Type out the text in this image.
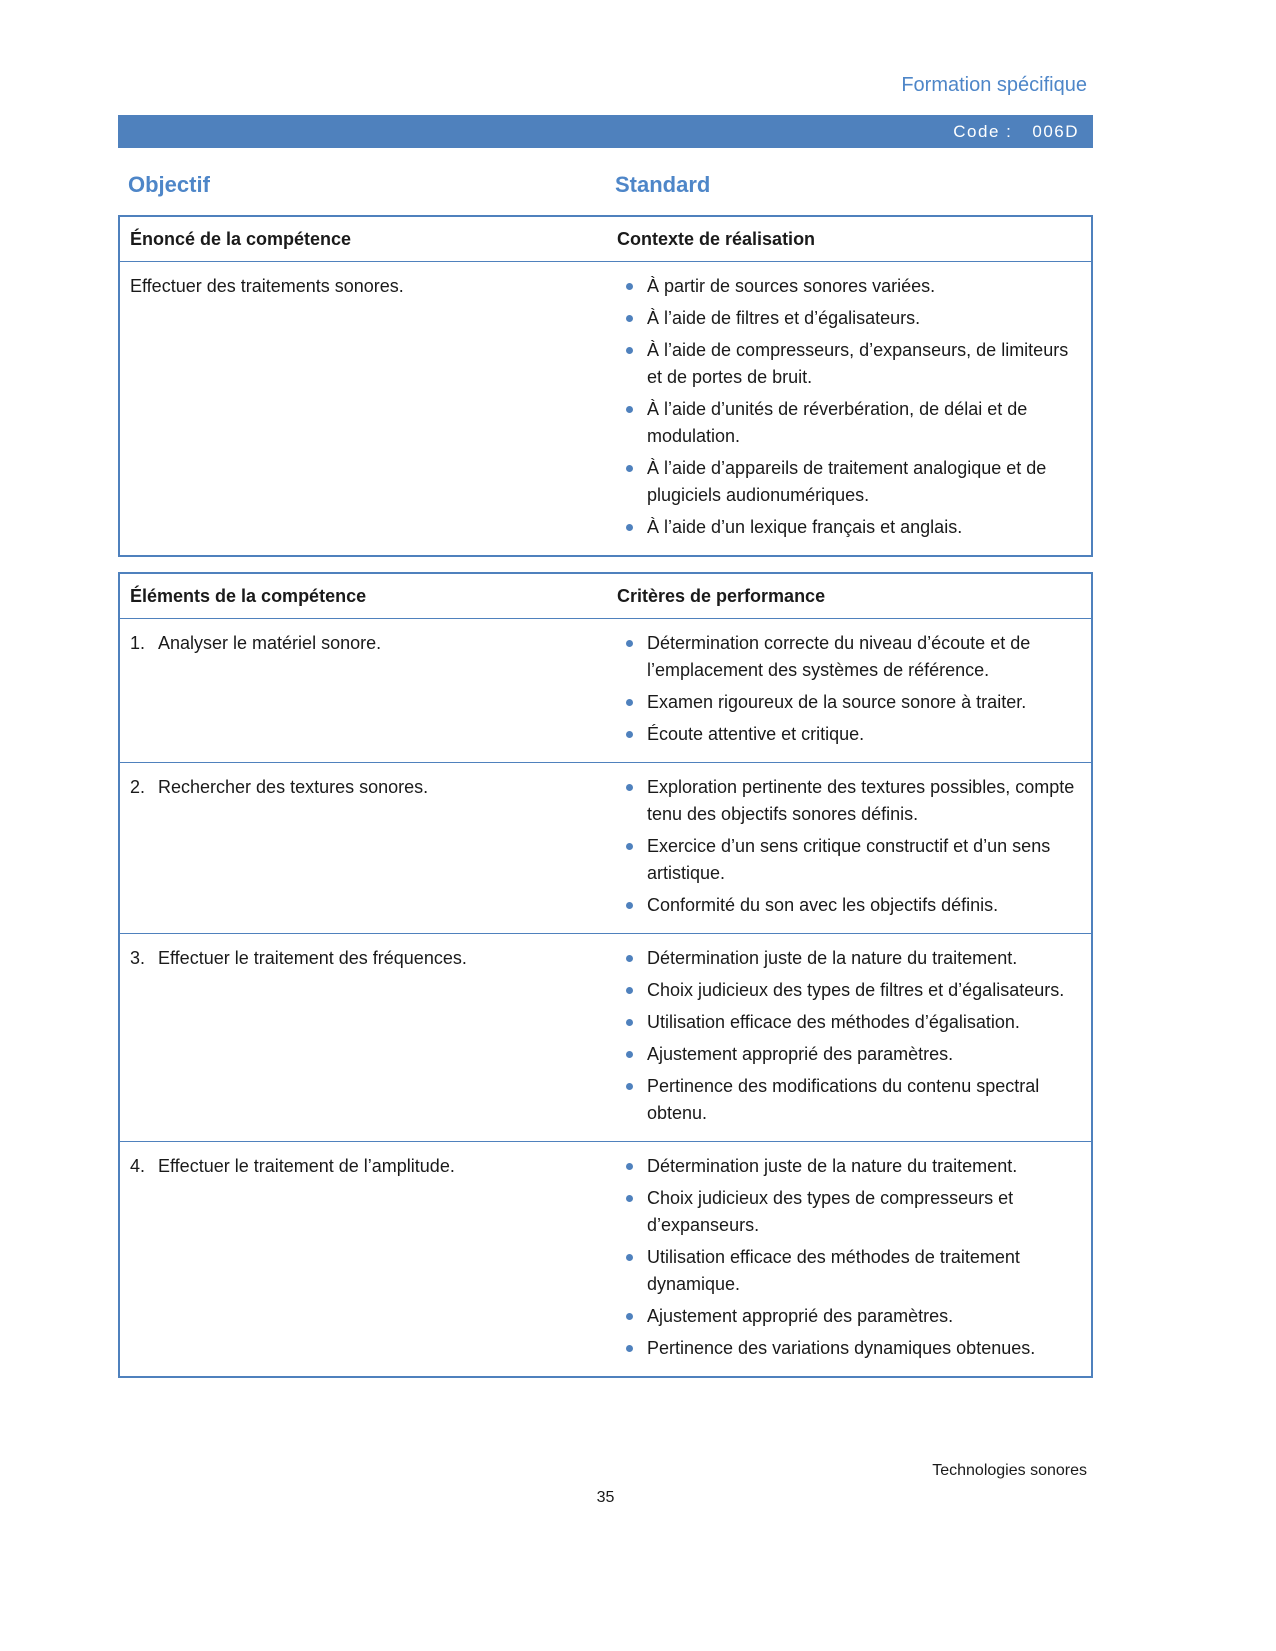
Formation spécifique
Code : 006D
Objectif	Standard
Énoncé de la compétence	Contexte de réalisation
Effectuer des traitements sonores.	À partir de sources sonores variées.
À l’aide de filtres et d’égalisateurs.
À l’aide de compresseurs, d’expanseurs, de limiteurs et de portes de bruit.
À l’aide d’unités de réverbération, de délai et de modulation.
À l’aide d’appareils de traitement analogique et de plugiciels audionumériques.
À l’aide d’un lexique français et anglais.
Éléments de la compétence	Critères de performance
1. Analyser le matériel sonore.	Détermination correcte du niveau d’écoute et de l’emplacement des systèmes de référence.
Examen rigoureux de la source sonore à traiter.
Écoute attentive et critique.
2. Rechercher des textures sonores.	Exploration pertinente des textures possibles, compte tenu des objectifs sonores définis.
Exercice d’un sens critique constructif et d’un sens artistique.
Conformité du son avec les objectifs définis.
3. Effectuer le traitement des fréquences.	Détermination juste de la nature du traitement.
Choix judicieux des types de filtres et d’égalisateurs.
Utilisation efficace des méthodes d’égalisation.
Ajustement approprié des paramètres.
Pertinence des modifications du contenu spectral obtenu.
4. Effectuer le traitement de l’amplitude.	Détermination juste de la nature du traitement.
Choix judicieux des types de compresseurs et d’expanseurs.
Utilisation efficace des méthodes de traitement dynamique.
Ajustement approprié des paramètres.
Pertinence des variations dynamiques obtenues.
Technologies sonores
35
